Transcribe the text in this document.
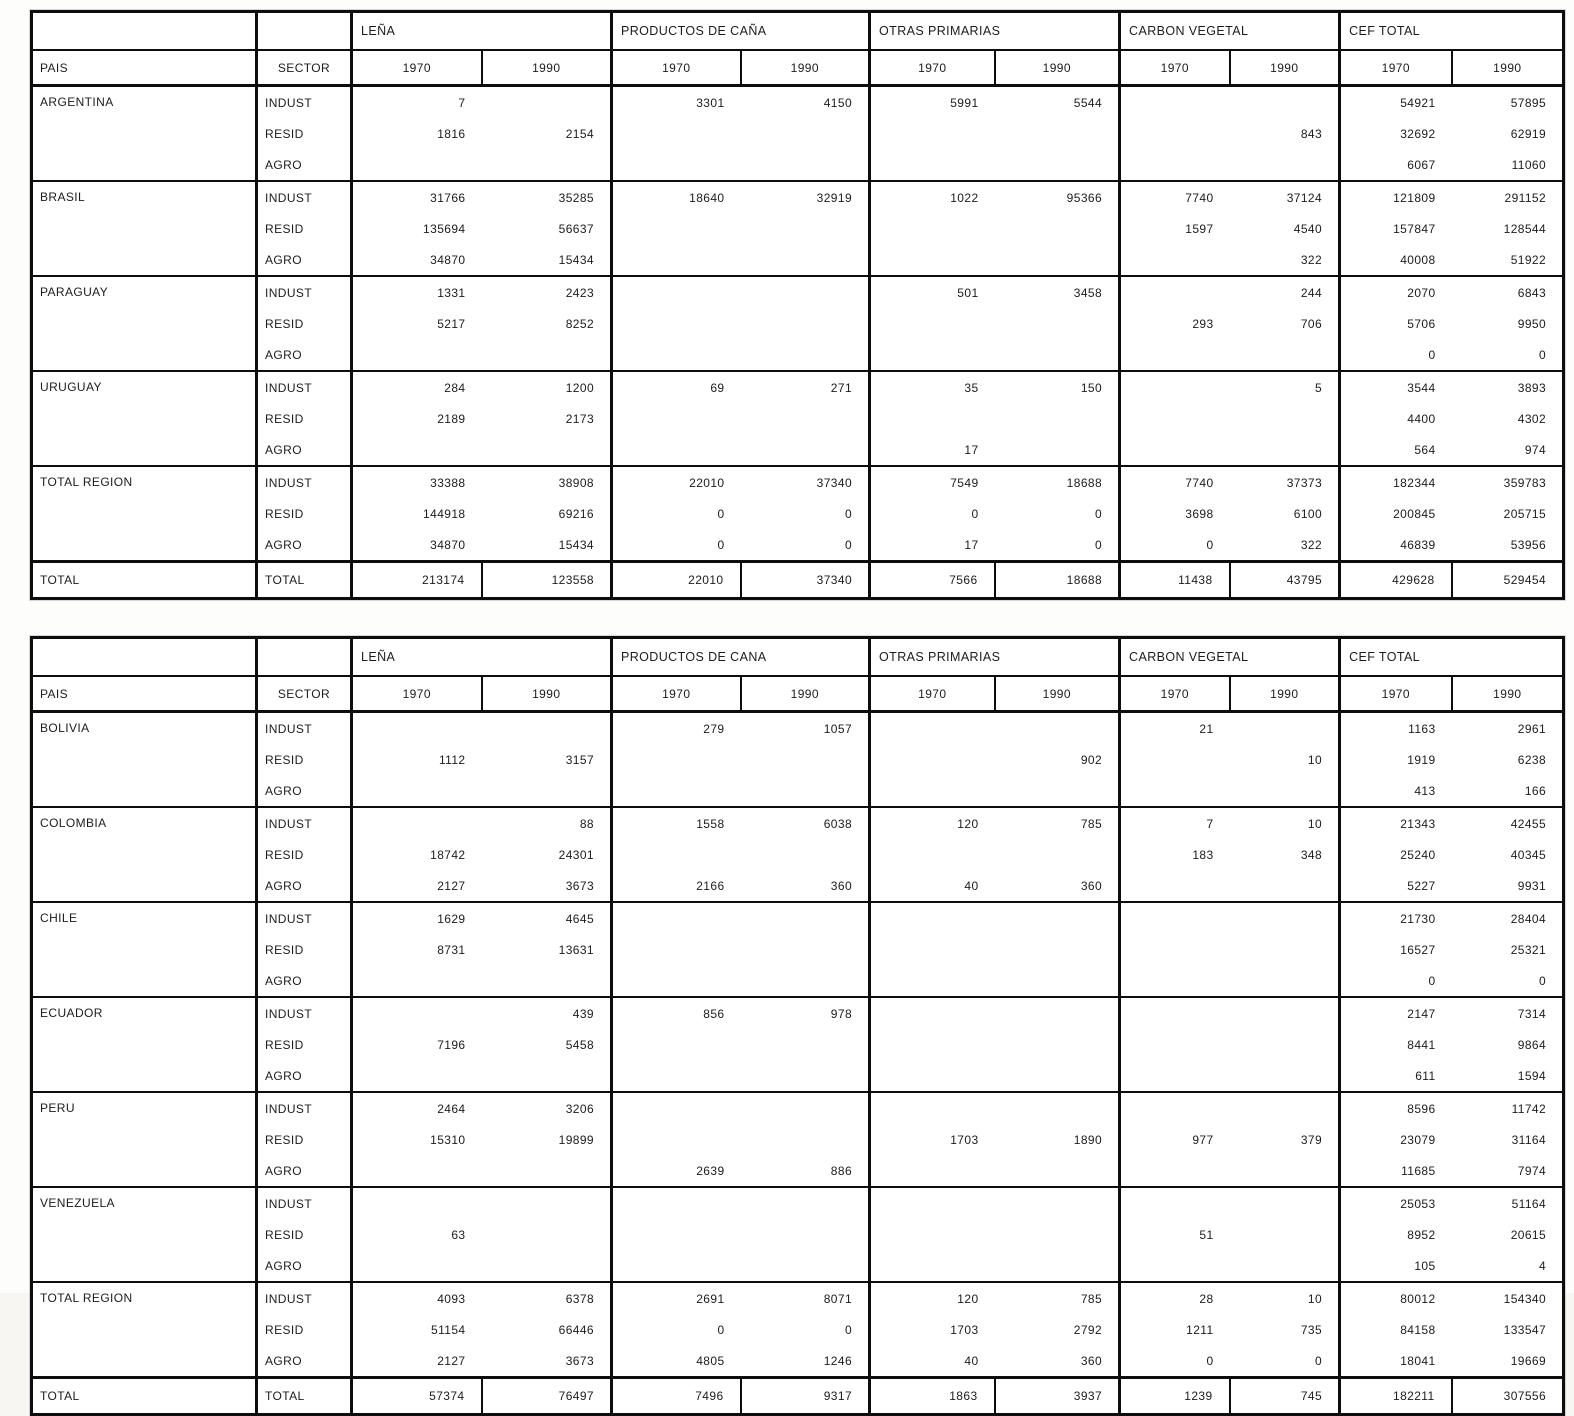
		LEÑA		PRODUCTOS DE CAÑA		OTRAS PRIMARIAS		CARBON VEGETAL		CEF TOTAL	
PAIS	SECTOR	1970	1990	1970	1990	1970	1990	1970	1990	1970	1990
ARGENTINA	INDUST	7		3301	4150	5991	5544			54921	57895
	RESID	1816	2154						843	32692	62919
	AGRO									6067	11060
BRASIL	INDUST	31766	35285	18640	32919	1022	95366	7740	37124	121809	291152
	RESID	135694	56637					1597	4540	157847	128544
	AGRO	34870	15434						322	40008	51922
PARAGUAY	INDUST	1331	2423			501	3458		244	2070	6843
	RESID	5217	8252					293	706	5706	9950
	AGRO									0	0
URUGUAY	INDUST	284	1200	69	271	35	150		5	3544	3893
	RESID	2189	2173							4400	4302
	AGRO					17				564	974
TOTAL REGION	INDUST	33388	38908	22010	37340	7549	18688	7740	37373	182344	359783
	RESID	144918	69216	0	0	0	0	3698	6100	200845	205715
	AGRO	34870	15434	0	0	17	0	0	322	46839	53956
TOTAL	TOTAL	213174	123558	22010	37340	7566	18688	11438	43795	429628	529454
		LEÑA		PRODUCTOS DE CANA		OTRAS PRIMARIAS		CARBON VEGETAL		CEF TOTAL	
PAIS	SECTOR	1970	1990	1970	1990	1970	1990	1970	1990	1970	1990
BOLIVIA	INDUST			279	1057			21		1163	2961
	RESID	1112	3157				902		10	1919	6238
	AGRO									413	166
COLOMBIA	INDUST		88	1558	6038	120	785	7	10	21343	42455
	RESID	18742	24301					183	348	25240	40345
	AGRO	2127	3673	2166	360	40	360			5227	9931
CHILE	INDUST	1629	4645							21730	28404
	RESID	8731	13631							16527	25321
	AGRO									0	0
ECUADOR	INDUST		439	856	978					2147	7314
	RESID	7196	5458							8441	9864
	AGRO									611	1594
PERU	INDUST	2464	3206							8596	11742
	RESID	15310	19899			1703	1890	977	379	23079	31164
	AGRO			2639	886					11685	7974
VENEZUELA	INDUST									25053	51164
	RESID	63						51		8952	20615
	AGRO									105	4
TOTAL REGION	INDUST	4093	6378	2691	8071	120	785	28	10	80012	154340
	RESID	51154	66446	0	0	1703	2792	1211	735	84158	133547
	AGRO	2127	3673	4805	1246	40	360	0	0	18041	19669
TOTAL	TOTAL	57374	76497	7496	9317	1863	3937	1239	745	182211	307556
